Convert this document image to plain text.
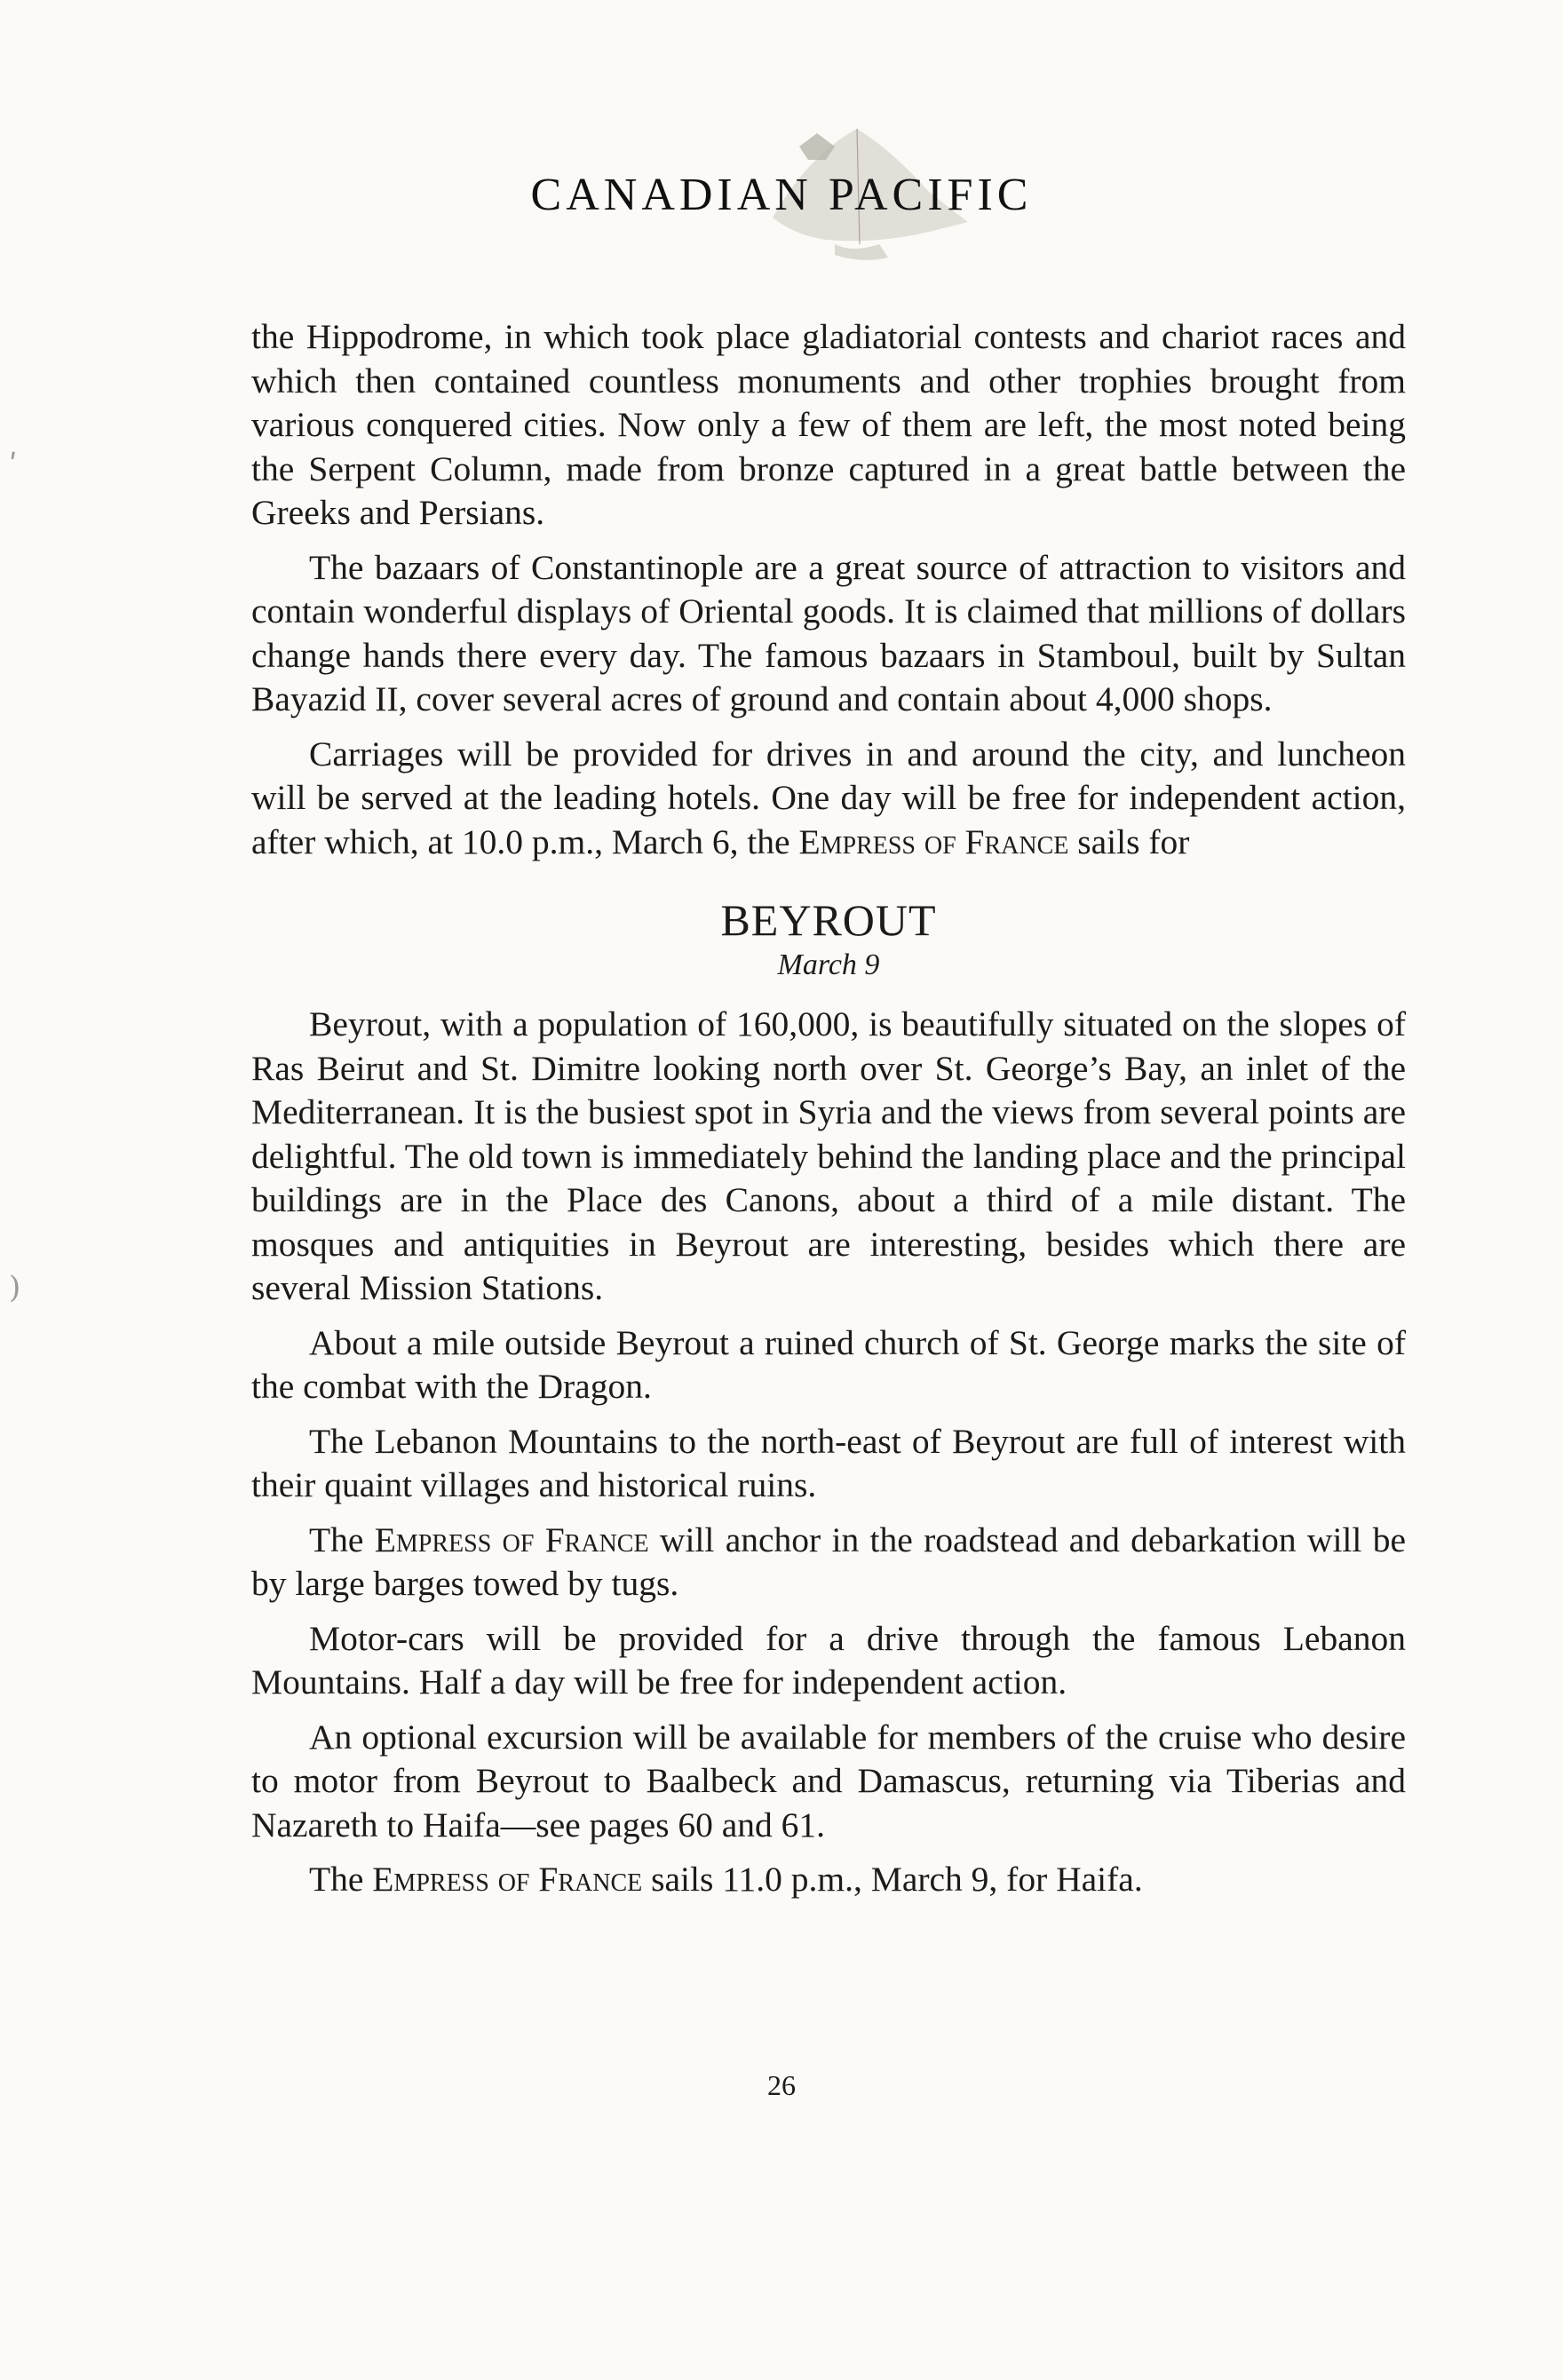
CANADIAN PACIFIC

the Hippodrome, in which took place gladiatorial contests and chariot races and which then contained countless monuments and other trophies brought from various conquered cities. Now only a few of them are left, the most noted being the Serpent Column, made from bronze captured in a great battle between the Greeks and Persians.

The bazaars of Constantinople are a great source of attraction to visitors and contain wonderful displays of Oriental goods. It is claimed that millions of dollars change hands there every day. The famous bazaars in Stamboul, built by Sultan Bayazid II, cover several acres of ground and contain about 4,000 shops.

Carriages will be provided for drives in and around the city, and luncheon will be served at the leading hotels. One day will be free for independent action, after which, at 10.0 p.m., March 6, the Empress of France sails for

BEYROUT
March 9

Beyrout, with a population of 160,000, is beautifully situated on the slopes of Ras Beirut and St. Dimitre looking north over St. George’s Bay, an inlet of the Mediterranean. It is the busiest spot in Syria and the views from several points are delightful. The old town is immediately behind the landing place and the principal buildings are in the Place des Canons, about a third of a mile distant. The mosques and antiquities in Beyrout are interesting, besides which there are several Mission Stations.

About a mile outside Beyrout a ruined church of St. George marks the site of the combat with the Dragon.

The Lebanon Mountains to the north-east of Beyrout are full of interest with their quaint villages and historical ruins.

The Empress of France will anchor in the roadstead and debarkation will be by large barges towed by tugs.

Motor-cars will be provided for a drive through the famous Lebanon Mountains. Half a day will be free for independent action.

An optional excursion will be available for members of the cruise who desire to motor from Beyrout to Baalbeck and Damascus, returning via Tiberias and Nazareth to Haifa—see pages 60 and 61.

The Empress of France sails 11.0 p.m., March 9, for Haifa.

26
ʹ
)
